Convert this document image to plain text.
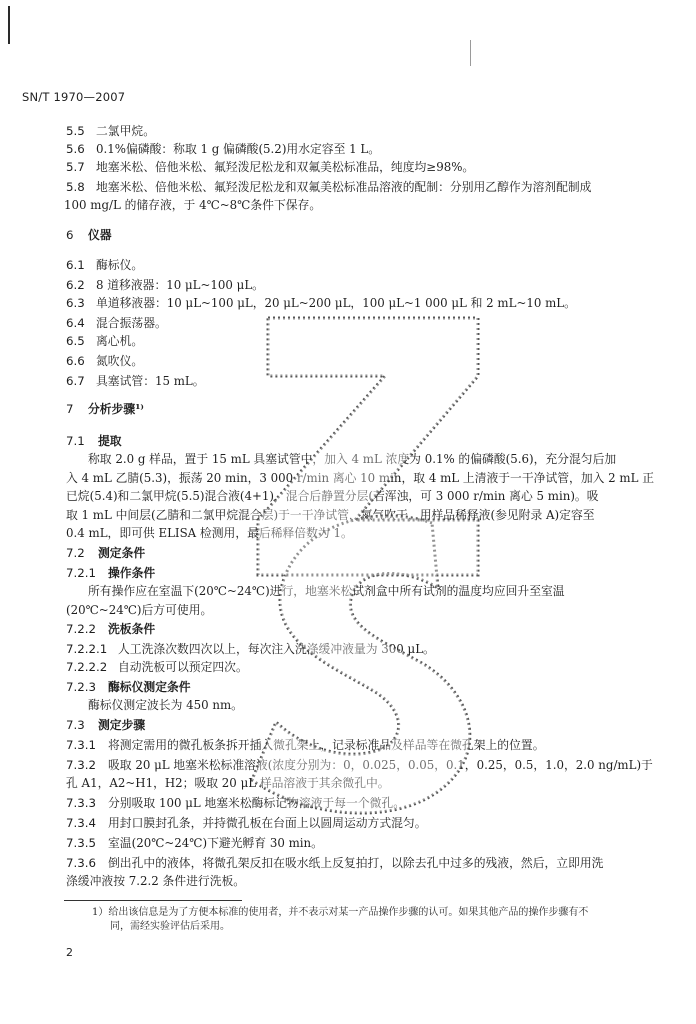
SN/T 1970—2007
5.5 二氯甲烷。
5.6 0.1%偏磷酸：称取 1 g 偏磷酸(5.2)用水定容至 1 L。
5.7 地塞米松、倍他米松、氟羟泼尼松龙和双氟美松标准品，纯度均≥98%。
5.8 地塞米松、倍他米松、氟羟泼尼松龙和双氟美松标准品溶液的配制：分别用乙醇作为溶剂配制成
100 mg/L 的储存液，于 4℃~8℃条件下保存。
6 仪器
6.1 酶标仪。
6.2 8 道移液器：10 μL~100 μL。
6.3 单道移液器：10 μL~100 μL，20 μL~200 μL，100 μL~1 000 μL 和 2 mL~10 mL。
6.4 混合振荡器。
6.5 离心机。
6.6 氮吹仪。
6.7 具塞试管：15 mL。
7 分析步骤¹⁾
7.1 提取
称取 2.0 g 样品，置于 15 mL 具塞试管中，加入 4 mL 浓度为 0.1% 的偏磷酸(5.6)，充分混匀后加
入 4 mL 乙腈(5.3)，振荡 20 min，3 000 r/min 离心 10 min，取 4 mL 上清液于一干净试管，加入 2 mL 正
已烷(5.4)和二氯甲烷(5.5)混合液(4+1)，混合后静置分层(若浑浊，可 3 000 r/min 离心 5 min)。吸
取 1 mL 中间层(乙腈和二氯甲烷混合层)于一干净试管，氮气吹干，用样品稀释液(参见附录 A)定容至
0.4 mL，即可供 ELISA 检测用，最后稀释倍数为 1。
7.2 测定条件
7.2.1 操作条件
所有操作应在室温下(20℃~24℃)进行，地塞米松试剂盒中所有试剂的温度均应回升至室温
(20℃~24℃)后方可使用。
7.2.2 洗板条件
7.2.2.1 人工洗涤次数四次以上，每次注入洗涤缓冲液量为 300 μL。
7.2.2.2 自动洗板可以预定四次。
7.2.3 酶标仪测定条件
酶标仪测定波长为 450 nm。
7.3 测定步骤
7.3.1 将测定需用的微孔板条拆开插入微孔架上，记录标准品及样品等在微孔架上的位置。
7.3.2 吸取 20 μL 地塞米松标准溶液(浓度分别为：0，0.025，0.05，0.1，0.25，0.5，1.0，2.0 ng/mL)于
孔 A1，A2~H1，H2；吸取 20 μL 样品溶液于其余微孔中。
7.3.3 分别吸取 100 μL 地塞米松酶标记物溶液于每一个微孔。
7.3.4 用封口膜封孔条，并持微孔板在台面上以圆周运动方式混匀。
7.3.5 室温(20℃~24℃)下避光孵育 30 min。
7.3.6 倒出孔中的液体，将微孔架反扣在吸水纸上反复拍打，以除去孔中过多的残液，然后，立即用洗
涤缓冲液按 7.2.2 条件进行洗板。
1）给出该信息是为了方便本标准的使用者，并不表示对某一产品操作步骤的认可。如果其他产品的操作步骤有不
同，需经实验评估后采用。
2
